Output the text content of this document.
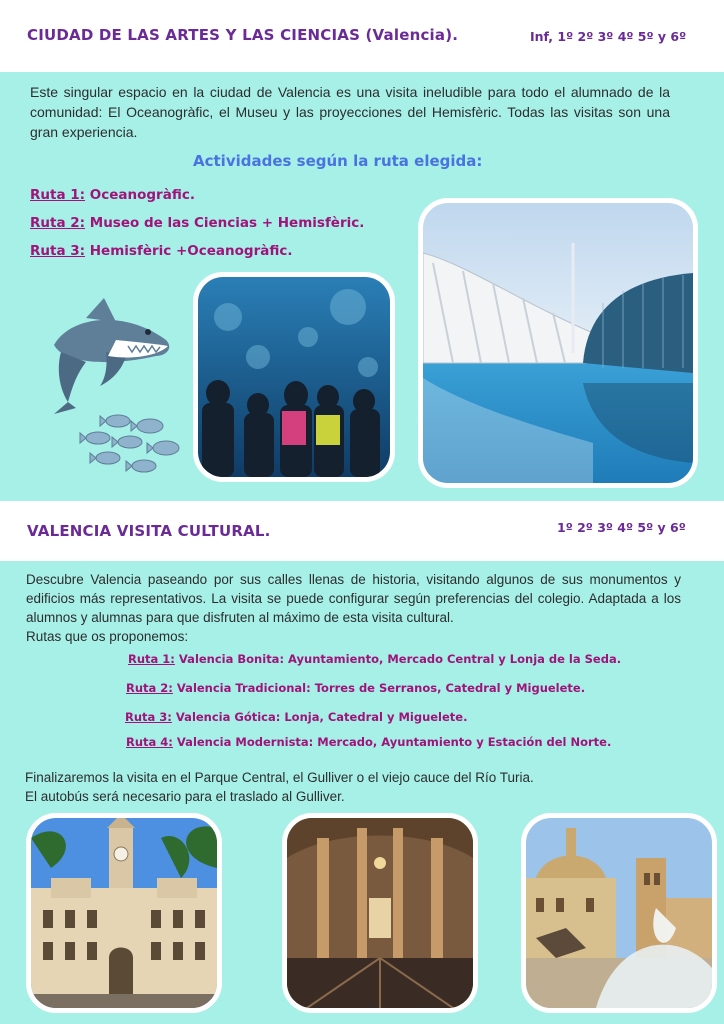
CIUDAD DE LAS ARTES Y LAS CIENCIAS (Valencia).	Inf, 1º 2º 3º 4º 5º y 6º

Este singular espacio en la ciudad de Valencia es una visita ineludible para todo el alumnado de la comunidad: El Oceanogràfic, el Museu y las proyecciones del Hemisfèric. Todas las visitas son una gran experiencia.

Actividades según la ruta elegida:
Ruta 1: Oceanogràfic.
Ruta 2: Museo de las Ciencias + Hemisfèric.
Ruta 3: Hemisfèric +Oceanogràfic.
VALENCIA VISITA CULTURAL.	1º 2º 3º 4º 5º y 6º

Descubre Valencia paseando por sus calles llenas de historia, visitando algunos de sus monumentos y edificios más representativos. La visita se puede configurar según preferencias del colegio. Adaptada a los alumnos y alumnas para que disfruten al máximo de esta visita cultural.

Rutas que os proponemos:

Ruta 1: Valencia Bonita: Ayuntamiento, Mercado Central y Lonja de la Seda.
Ruta 2: Valencia Tradicional: Torres de Serranos, Catedral y Miguelete.
Ruta 3: Valencia Gótica: Lonja, Catedral y Miguelete.
Ruta 4: Valencia Modernista: Mercado, Ayuntamiento y Estación del Norte.

Finalizaremos la visita en el Parque Central, el Gulliver o el viejo cauce del Río Turia.

El autobús será necesario para el traslado al Gulliver.
